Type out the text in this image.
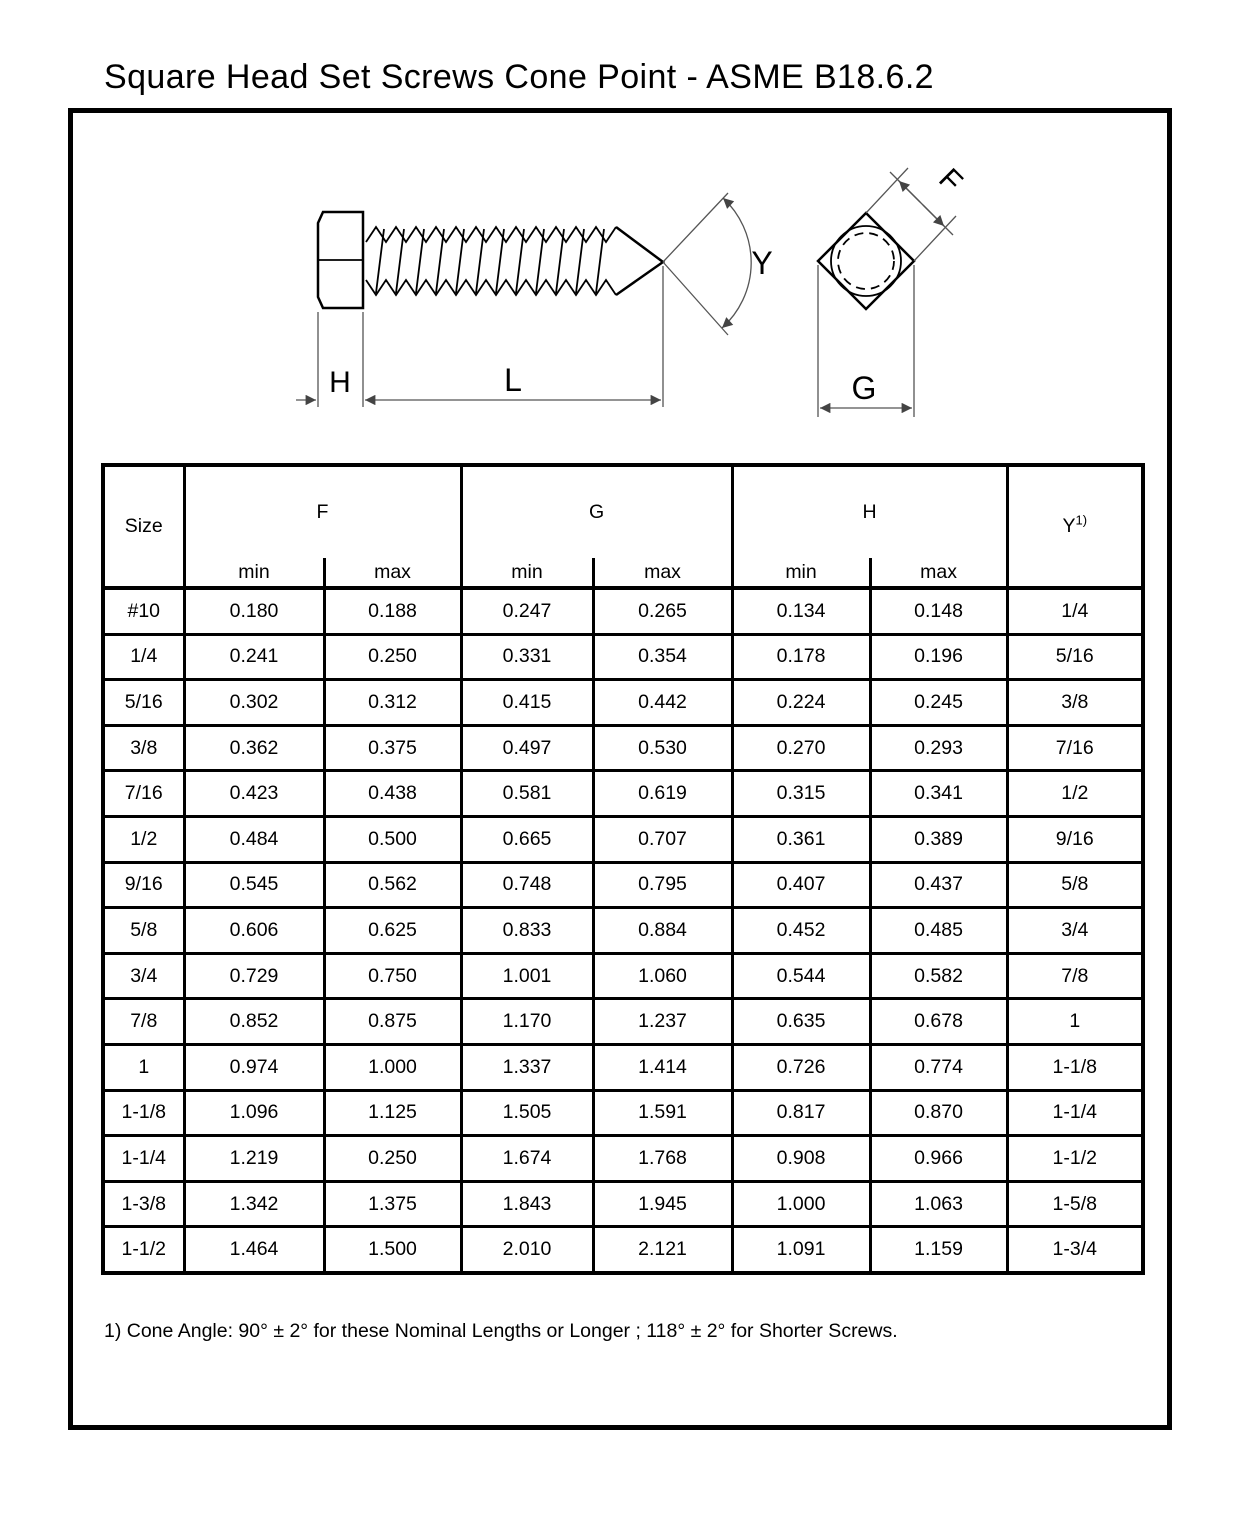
Square Head Set Screws Cone Point - ASME B18.6.2
Y
H	L
F
G
Size	F		G		H		$Y^{1)}$
	min	max	min	max	min	max	
#10	0.180	0.188	0.247	0.265	0.134	0.148	1/4
1/4	0.241	0.250	0.331	0.354	0.178	0.196	5/16
5/16	0.302	0.312	0.415	0.442	0.224	0.245	3/8
3/8	0.362	0.375	0.497	0.530	0.270	0.293	7/16
7/16	0.423	0.438	0.581	0.619	0.315	0.341	1/2
1/2	0.484	0.500	0.665	0.707	0.361	0.389	9/16
9/16	0.545	0.562	0.748	0.795	0.407	0.437	5/8
5/8	0.606	0.625	0.833	0.884	0.452	0.485	3/4
3/4	0.729	0.750	1.001	1.060	0.544	0.582	7/8
7/8	0.852	0.875	1.170	1.237	0.635	0.678	1
1	0.974	1.000	1.337	1.414	0.726	0.774	1-1/8
1-1/8	1.096	1.125	1.505	1.591	0.817	0.870	1-1/4
1-1/4	1.219	0.250	1.674	1.768	0.908	0.966	1-1/2
1-3/8	1.342	1.375	1.843	1.945	1.000	1.063	1-5/8
1-1/2	1.464	1.500	2.010	2.121	1.091	1.159	1-3/4
1) Cone Angle: 90° ± 2° for these Nominal Lengths or Longer ; 118° ± 2° for Shorter Screws.
